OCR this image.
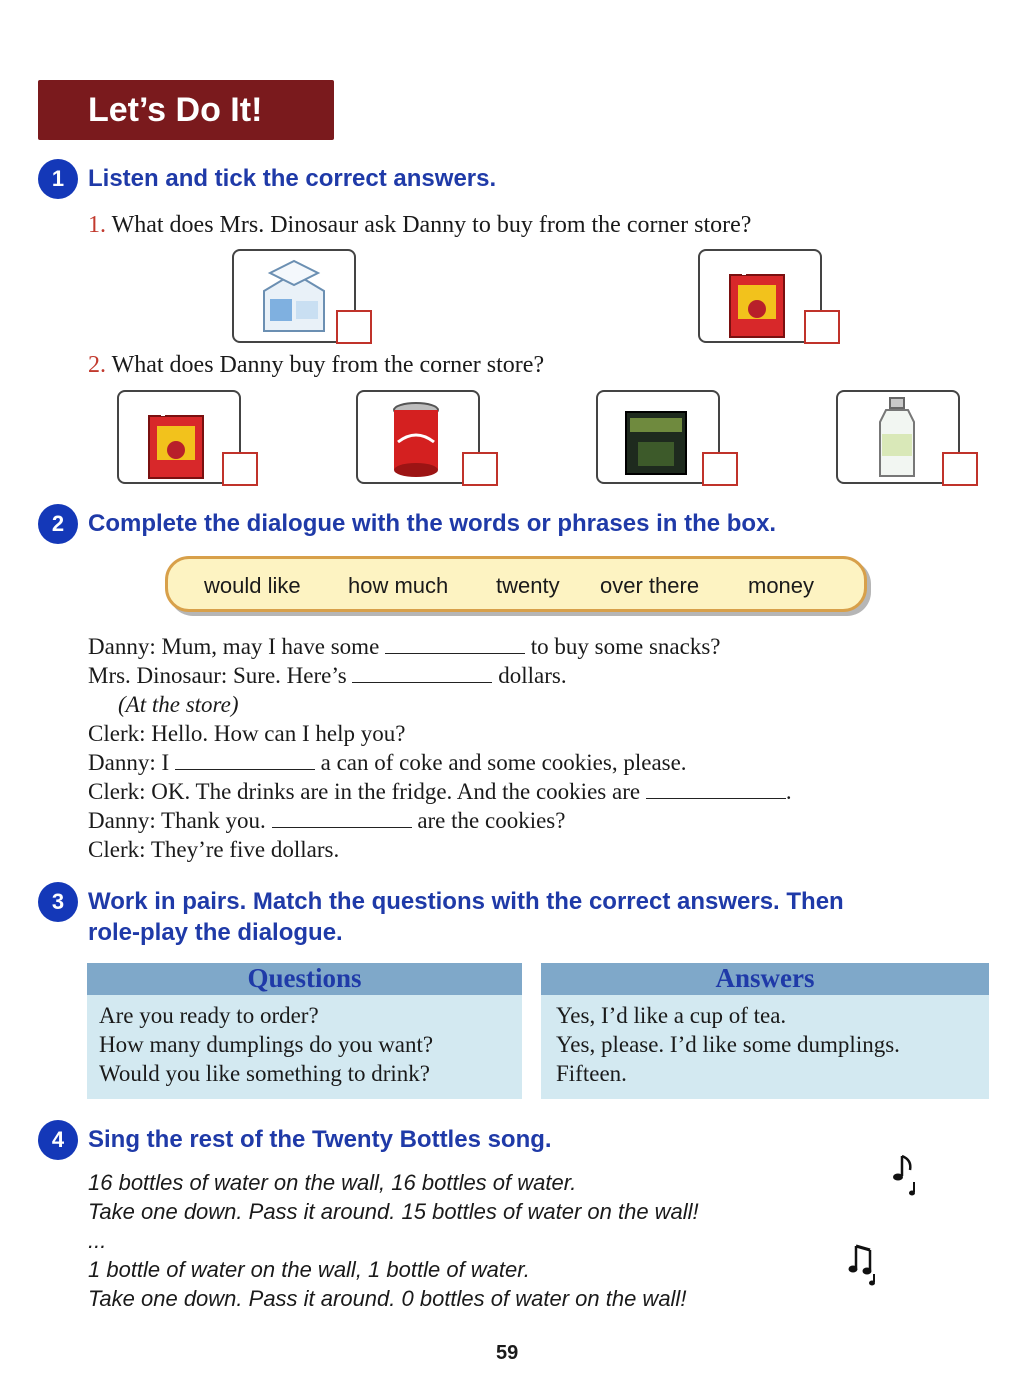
Let’s Do It!
1 Listen and tick the correct answers.
1. What does Mrs. Dinosaur ask Danny to buy from the corner store?
2. What does Danny buy from the corner store?
2 Complete the dialogue with the words or phrases in the box.
would like how much twenty over there money
Danny: Mum, may I have some	to buy some snacks?
Mrs. Dinosaur: Sure. Here’s	dollars.
(At the store)
Clerk: Hello. How can I help you?
Danny: I	a can of coke and some cookies, please.
Clerk: OK. The drinks are in the fridge. And the cookies are	.
Danny: Thank you.	are the cookies?
Clerk: They’re five dollars.
3 Work in pairs. Match the questions with the correct answers. Then
role-play the dialogue.
Questions
Are you ready to order?
How many dumplings do you want?
Would you like something to drink?
Answers
Yes, I’d like a cup of tea.
Yes, please. I’d like some dumplings.
Fifteen.
4 Sing the rest of the Twenty Bottles song.
16 bottles of water on the wall, 16 bottles of water.
Take one down. Pass it around. 15 bottles of water on the wall!
...
1 bottle of water on the wall, 1 bottle of water.
Take one down. Pass it around. 0 bottles of water on the wall!
59
